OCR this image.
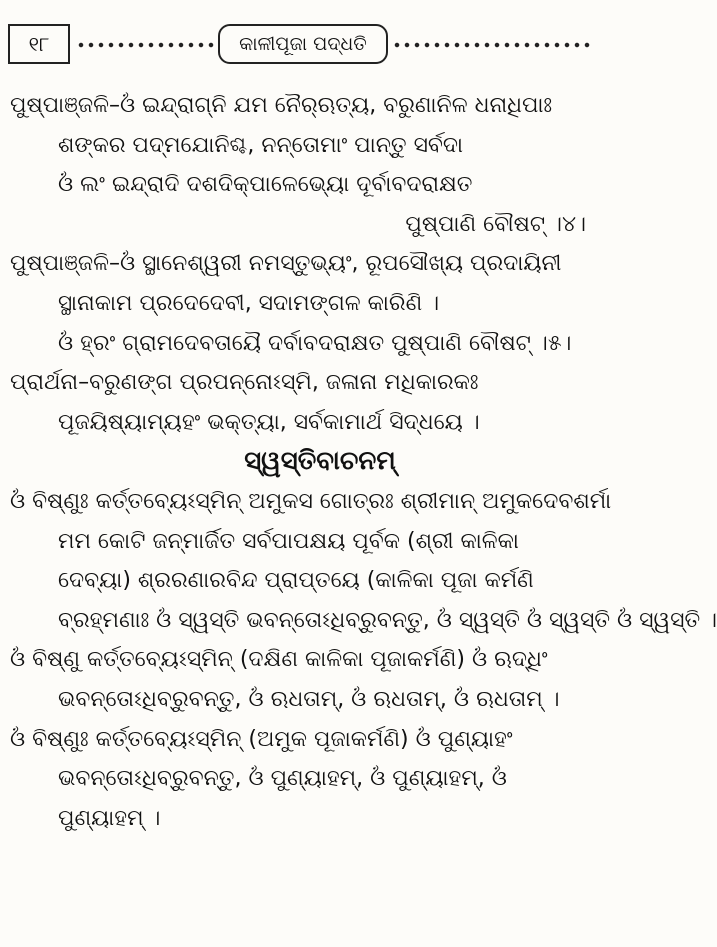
୧୮	କାଳୀପୂଜା ପଦ୍ଧତି
ପୁଷ୍ପାଞ୍ଜଳି–ଓଁ ଇନ୍ଦ୍ରାଗ୍ନି ଯମ ନୈର୍‌ଋତ୍ୟ, ବରୁଣାନିଳ ଧନାଧିପାଃ
ଶଙ୍କର ପଦ୍ମଯୋନିଶ୍ଚ, ନନ୍ତୋମାଂ ପାନ୍ତୁ ସର୍ବଦା
ଓଁ ଲଂ ଇନ୍ଦ୍ରାଦି ଦଶଦିକ୍‌ପାଳେଭ୍ୟୋ ଦୂର୍ବାବଦରାକ୍ଷତ
ପୁଷ୍ପାଣି ବୌଷଟ୍ ।୪।
ପୁଷ୍ପାଞ୍ଜଳି–ଓଁ ସ୍ଥାନେଶ୍ୱରୀ ନମସ୍ତୁଭ୍ୟଂ, ରୂପସୌଖ୍ୟ ପ୍ରଦାୟିନୀ
ସ୍ଥାନାକାମ ପ୍ରଦେଦେବୀ, ସଦାମଙ୍ଗଳ କାରିଣି ।
ଓଁ ହ୍ରଂ ଗ୍ରାମଦେବତାୟୈ ଦର୍ବାବଦରାକ୍ଷତ ପୁଷ୍ପାଣି ବୌଷଟ୍ ।୫।
ପ୍ରାର୍ଥନା–ବରୁଣଙ୍ଗ ପ୍ରପନ୍ନୋଽସ୍ମି, ଜଳାନା ମଧିକାରକଃ
ପୂଜୟିଷ୍ୟାମ୍ୟହଂ ଭକ୍ତ୍ୟା, ସର୍ବକାମାର୍ଥ ସିଦ୍ଧୟେ ।
ସ୍ୱସ୍ତିବାଚନମ୍
ଓଁ ବିଷ୍ଣୁଃ କର୍ତ୍ତବ୍ୟେଽସ୍ମିନ୍ ଅମୁକସ ଗୋତ୍ରଃ ଶ୍ରୀମାନ୍ ଅମୁକଦେବଶର୍ମା
ମମ କୋଟି ଜନ୍ମାର୍ଜିତ ସର୍ବପାପକ୍ଷୟ ପୂର୍ବକ (ଶ୍ରୀ କାଳିକା
ଦେବ୍ୟା) ଶ୍ରରଣାରବିନ୍ଦ ପ୍ରାପ୍ତୟେ (କାଳିକା ପୂଜା କର୍ମଣି
ବ୍ରହ୍ମଣାଃ ଓଁ ସ୍ୱସ୍ତି ଭବନ୍ତୋଽଧିବ୍ରୁବନ୍ତୁ, ଓଁ ସ୍ୱସ୍ତି ଓଁ ସ୍ୱସ୍ତି ଓଁ ସ୍ୱସ୍ତି ।
ଓଁ ବିଷ୍ଣୁ କର୍ତ୍ତବ୍ୟେଽସ୍ମିନ୍ (ଦକ୍ଷିଣ କାଳିକା ପୂଜାକର୍ମଣି) ଓଁ ଋଦ୍ଧିଂ
ଭବନ୍ତୋଽଧିବ୍ରୁବନ୍ତୁ, ଓଁ ଋଧତାମ୍, ଓଁ ଋଧତାମ୍, ଓଁ ଋଧତାମ୍ ।
ଓଁ ବିଷ୍ଣୁଃ କର୍ତ୍ତବ୍ୟେଽସ୍ମିନ୍ (ଅମୁକ ପୂଜାକର୍ମଣି) ଓଁ ପୁଣ୍ୟାହଂ
ଭବନ୍ତୋଽଧିବ୍ରୁବନ୍ତୁ, ଓଁ ପୁଣ୍ୟାହମ୍, ଓଁ ପୁଣ୍ୟାହମ୍, ଓଁ
ପୁଣ୍ୟାହମ୍ ।
